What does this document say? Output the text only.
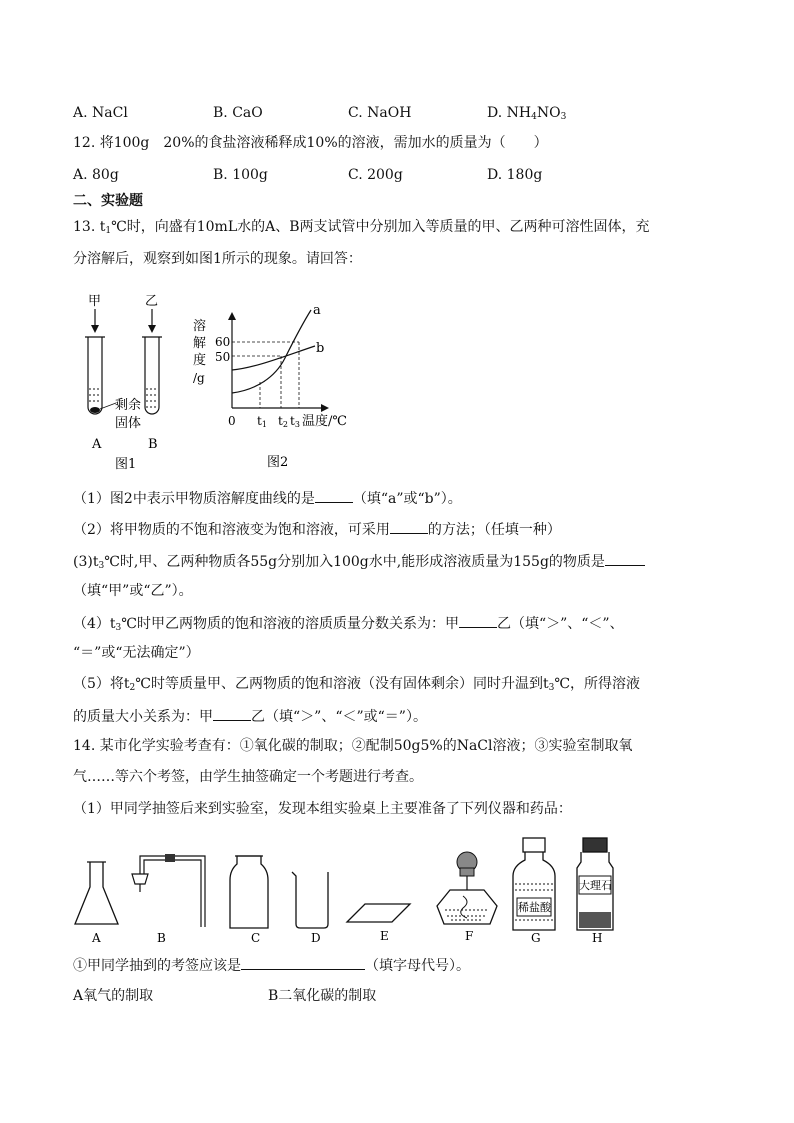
A. NaCl	B. CaO	C. NaOH	D. $NH_4NO_3$
12. 将100g　20%的食盐溶液稀释成10%的溶液，需加水的质量为（　　）
A. 80g	B. 100g	C. 200g	D. 180g
二、实验题
13. $t_1℃$时，向盛有10mL水的A、B两支试管中分别加入等质量的甲、乙两种可溶性固体，充
分溶解后，观察到如图1所示的现象。请回答：
甲	乙
剩余
固体
A	B
图1
溶
解
度
/g
60
50
a
b
0 t1 t2 t3 温度/℃
图2
（1）图2中表示甲物质溶解度曲线的是	（填“a”或“b”）。
（2）将甲物质的不饱和溶液变为饱和溶液，可采用	的方法；（任填一种）
$(3)t_3℃$时,甲、乙两种物质各55g分别加入100g水中,能形成溶液质量为155g的物质是
（填“甲”或“乙”）。
$(4)t_3℃$时甲乙两物质的饱和溶液的溶质质量分数关系为：甲	乙（填“＞”、“＜”、
“＝”或“无法确定”）
（5）将$t_2℃$时等质量甲、乙两物质的饱和溶液（没有固体剩余）同时升温到$t_3℃$，所得溶液
的质量大小关系为：甲	乙（填“＞”、“＜”或“＝”）。
14. 某市化学实验考查有：①氧化碳的制取；②配制50g5%的NaCl溶液；③实验室制取氧
气……等六个考签，由学生抽签确定一个考题进行考查。
（1）甲同学抽签后来到实验室，发现本组实验桌上主要准备了下列仪器和药品：
A	B	C	D	E	F
稀盐酸
G
大理石
H
①甲同学抽到的考签应该是	（填字母代号）。
A氧气的制取	B二氧化碳的制取
